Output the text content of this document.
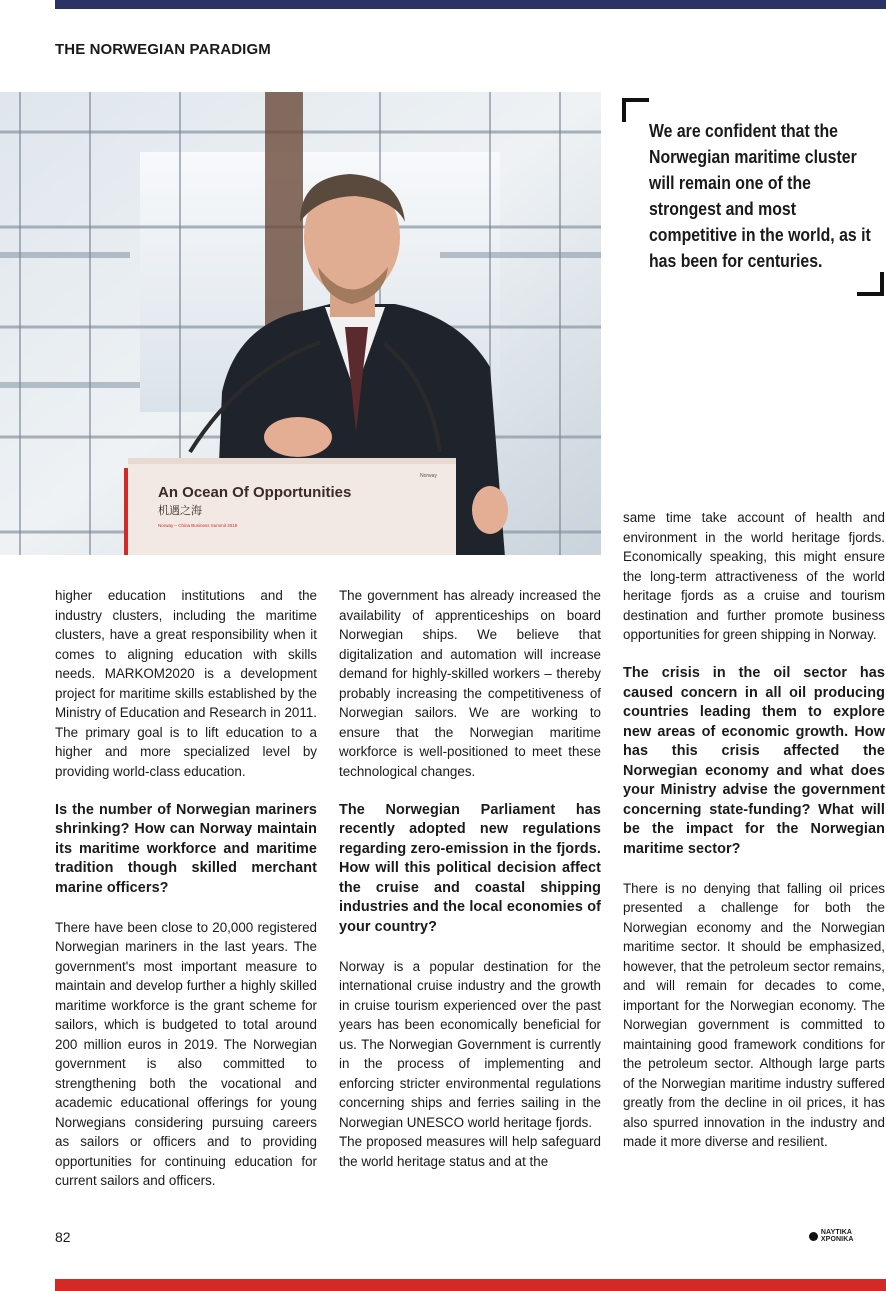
THE NORWEGIAN PARADIGM
An Ocean Of Opportunities
机遇之海
Norway – China Business Summit 2018
Norway
We are confident that the Norwegian maritime cluster will remain one of the strongest and most competitive in the world, as it has been for centuries.

higher education institutions and the industry clusters, including the maritime clusters, have a great responsibility when it comes to aligning education with skills needs. MARKOM2020 is a development project for maritime skills established by the Ministry of Education and Research in 2011. The primary goal is to lift education to a higher and more specialized level by providing world-class education.

Is the number of Norwegian mariners shrinking? How can Norway maintain its maritime workforce and maritime tradition though skilled merchant marine officers?

There have been close to 20,000 registered Norwegian mariners in the last years. The government's most important measure to maintain and develop further a highly skilled maritime workforce is the grant scheme for sailors, which is budgeted to total around 200 million euros in 2019. The Norwegian government is also committed to strengthening both the vocational and academic educational offerings for young Norwegians considering pursuing careers as sailors or officers and to providing opportunities for continuing education for current sailors and officers.

The government has already increased the availability of apprenticeships on board Norwegian ships. We believe that digitalization and automation will increase demand for highly-skilled workers – thereby probably increasing the competitiveness of Norwegian sailors. We are working to ensure that the Norwegian maritime workforce is well-positioned to meet these technological changes.

The Norwegian Parliament has recently adopted new regulations regarding zero-emission in the fjords. How will this political decision affect the cruise and coastal shipping industries and the local economies of your country?

Norway is a popular destination for the international cruise industry and the growth in cruise tourism experienced over the past years has been economically beneficial for us. The Norwegian Government is currently in the process of implementing and enforcing stricter environmental regulations concerning ships and ferries sailing in the Norwegian UNESCO world heritage fjords.

The proposed measures will help safeguard the world heritage status and at the

same time take account of health and environment in the world heritage fjords. Economically speaking, this might ensure the long-term attractiveness of the world heritage fjords as a cruise and tourism destination and further promote business opportunities for green shipping in Norway.

The crisis in the oil sector has caused concern in all oil producing countries leading them to explore new areas of economic growth. How has this crisis affected the Norwegian economy and what does your Ministry advise the government concerning state-funding? What will be the impact for the Norwegian maritime sector?

There is no denying that falling oil prices presented a challenge for both the Norwegian economy and the Norwegian maritime sector. It should be emphasized, however, that the petroleum sector remains, and will remain for decades to come, important for the Norwegian economy. The Norwegian government is committed to maintaining good framework conditions for the petroleum sector. Although large parts of the Norwegian maritime industry suffered greatly from the decline in oil prices, it has also spurred innovation in the industry and made it more diverse and resilient.

82	ΝΑΥΤΙΚΑ ΧΡΟΝΙΚΑ
